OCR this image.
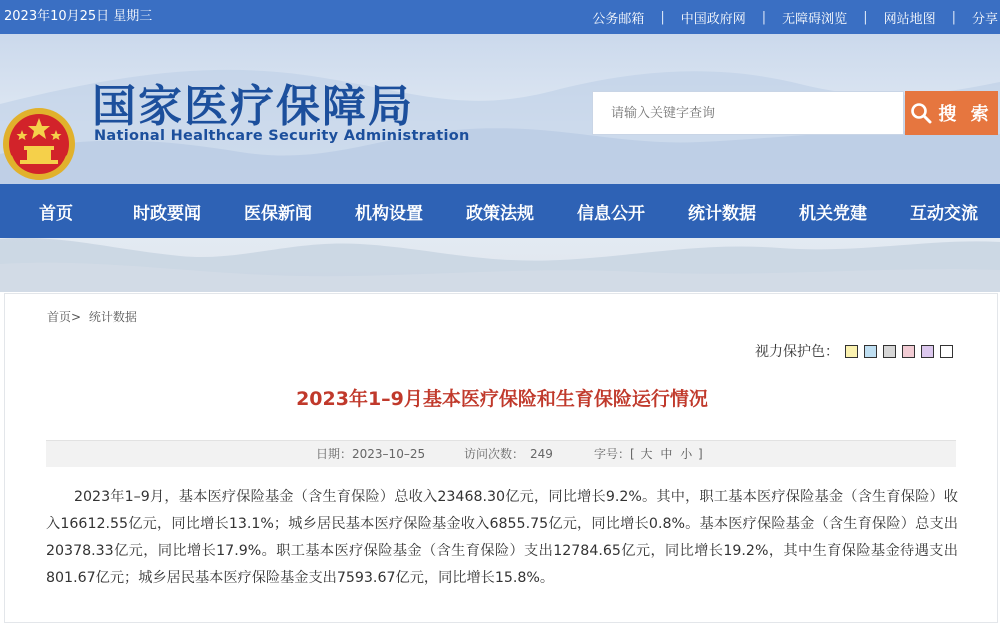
2023年10月25日 星期三	公务邮箱 | 中国政府网 | 无障碍浏览 | 网站地图 | 分享
国家医疗保障局
National Healthcare Security Administration
请输入关键字查询
搜 索
首页	时政要闻	医保新闻	机构设置	政策法规	信息公开	统计数据	机关党建	互动交流
首页> 统计数据
视力保护色：
2023年1–9月基本医疗保险和生育保险运行情况
日期：2023–10–25	访问次数： 249	字号：[ 大 中 小 ]
2023年1–9月，基本医疗保险基金（含生育保险）总收入23468.30亿元，同比增长9.2%。其中，职工基本医疗保险基金（含生育保险）收入16612.55亿元，同比增长13.1%；城乡居民基本医疗保险基金收入6855.75亿元，同比增长0.8%。基本医疗保险基金（含生育保险）总支出20378.33亿元，同比增长17.9%。职工基本医疗保险基金（含生育保险）支出12784.65亿元，同比增长19.2%，其中生育保险基金待遇支出801.67亿元；城乡居民基本医疗保险基金支出7593.67亿元，同比增长15.8%。
